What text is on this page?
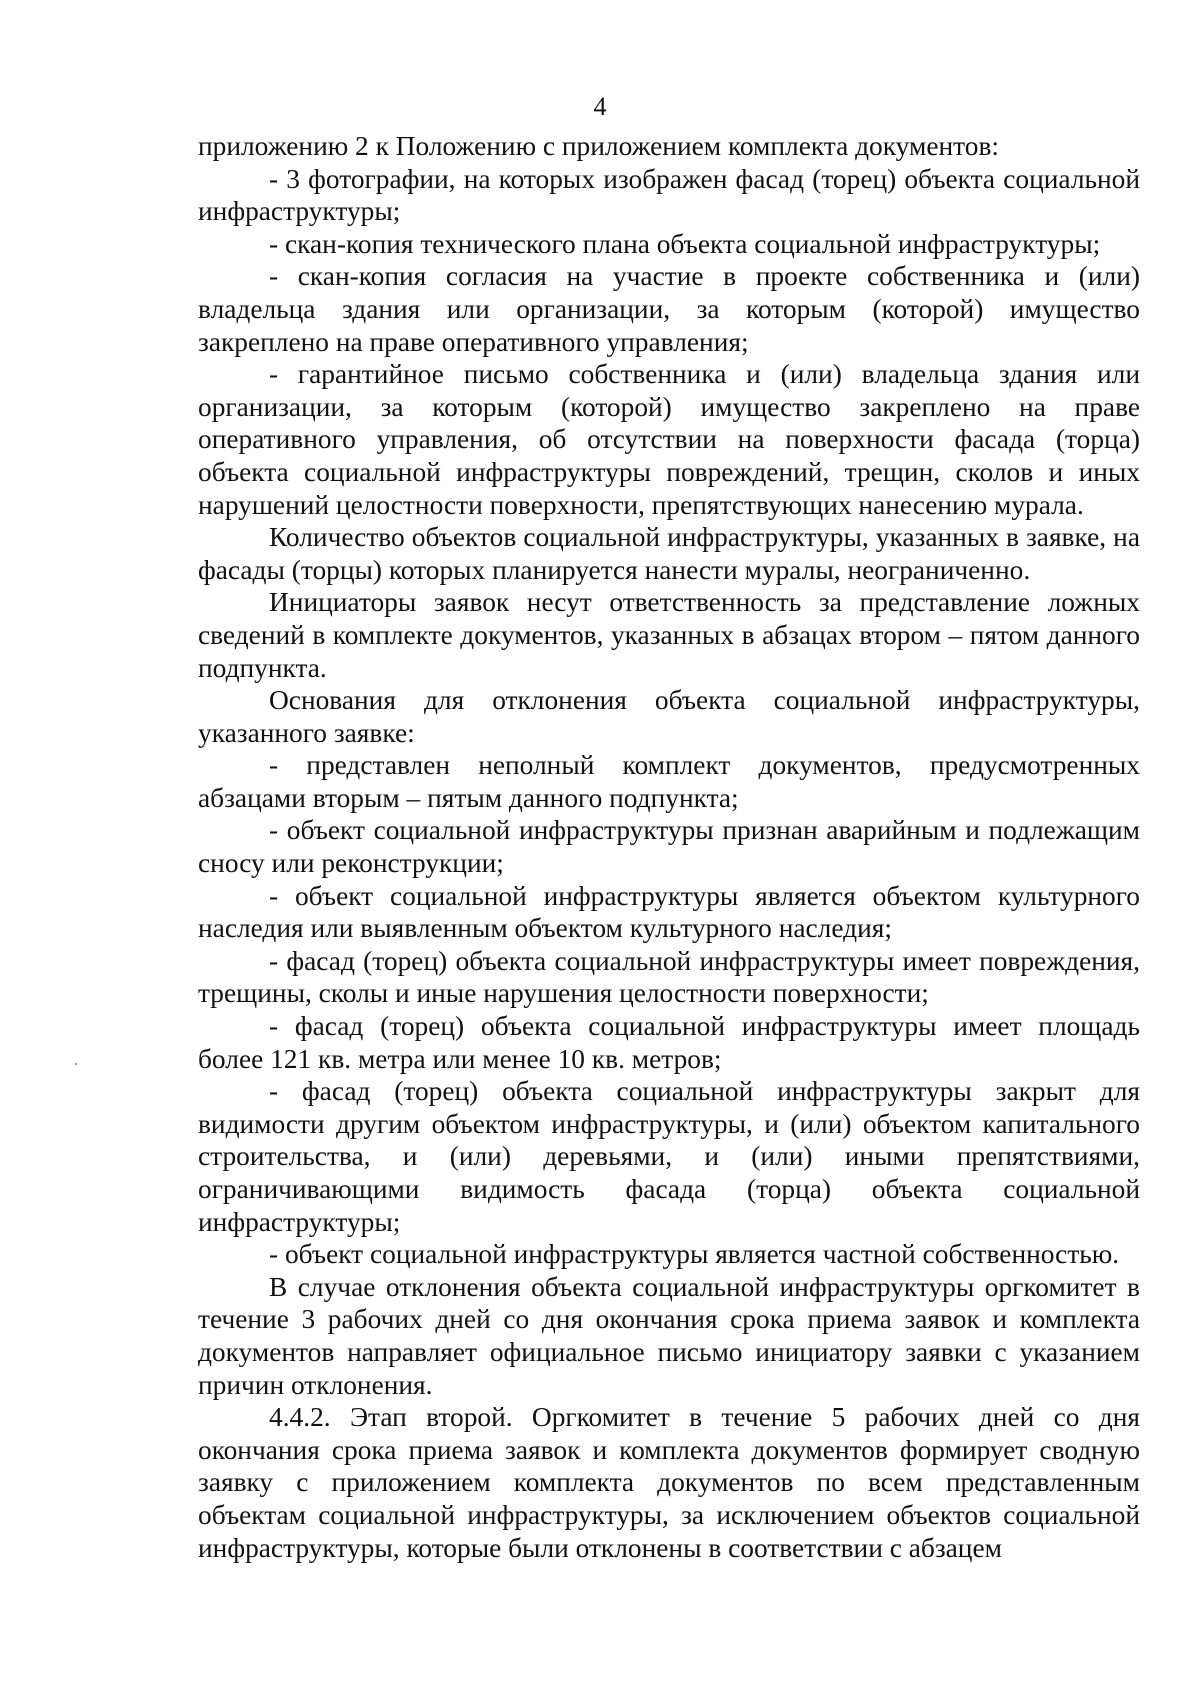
4

приложению 2 к Положению с приложением комплекта документов:

- 3 фотографии, на которых изображен фасад (торец) объекта социальной инфраструктуры;

- скан-копия технического плана объекта социальной инфраструктуры;

- скан-копия согласия на участие в проекте собственника и (или) владельца здания или организации, за которым (которой) имущество закреплено на праве оперативного управления;

- гарантийное письмо собственника и (или) владельца здания или организации, за которым (которой) имущество закреплено на праве оперативного управления, об отсутствии на поверхности фасада (торца) объекта социальной инфраструктуры повреждений, трещин, сколов и иных нарушений целостности поверхности, препятствующих нанесению мурала.

Количество объектов социальной инфраструктуры, указанных в заявке, на фасады (торцы) которых планируется нанести муралы, неограниченно.

Инициаторы заявок несут ответственность за представление ложных сведений в комплекте документов, указанных в абзацах втором – пятом данного подпункта.

Основания для отклонения объекта социальной инфраструктуры, указанного заявке:

- представлен неполный комплект документов, предусмотренных абзацами вторым – пятым данного подпункта;

- объект социальной инфраструктуры признан аварийным и подлежащим сносу или реконструкции;

- объект социальной инфраструктуры является объектом культурного наследия или выявленным объектом культурного наследия;

- фасад (торец) объекта социальной инфраструктуры имеет повреждения, трещины, сколы и иные нарушения целостности поверхности;

- фасад (торец) объекта социальной инфраструктуры имеет площадь более 121 кв. метра или менее 10 кв. метров;

- фасад (торец) объекта социальной инфраструктуры закрыт для видимости другим объектом инфраструктуры, и (или) объектом капитального строительства, и (или) деревьями, и (или) иными препятствиями, ограничивающими видимость фасада (торца) объекта социальной инфраструктуры;

- объект социальной инфраструктуры является частной собственностью.

В случае отклонения объекта социальной инфраструктуры оргкомитет в течение 3 рабочих дней со дня окончания срока приема заявок и комплекта документов направляет официальное письмо инициатору заявки с указанием причин отклонения.

4.4.2. Этап второй. Оргкомитет в течение 5 рабочих дней со дня окончания срока приема заявок и комплекта документов формирует сводную заявку с приложением комплекта документов по всем представленным объектам социальной инфраструктуры, за исключением объектов социальной инфраструктуры, которые были отклонены в соответствии с абзацем
